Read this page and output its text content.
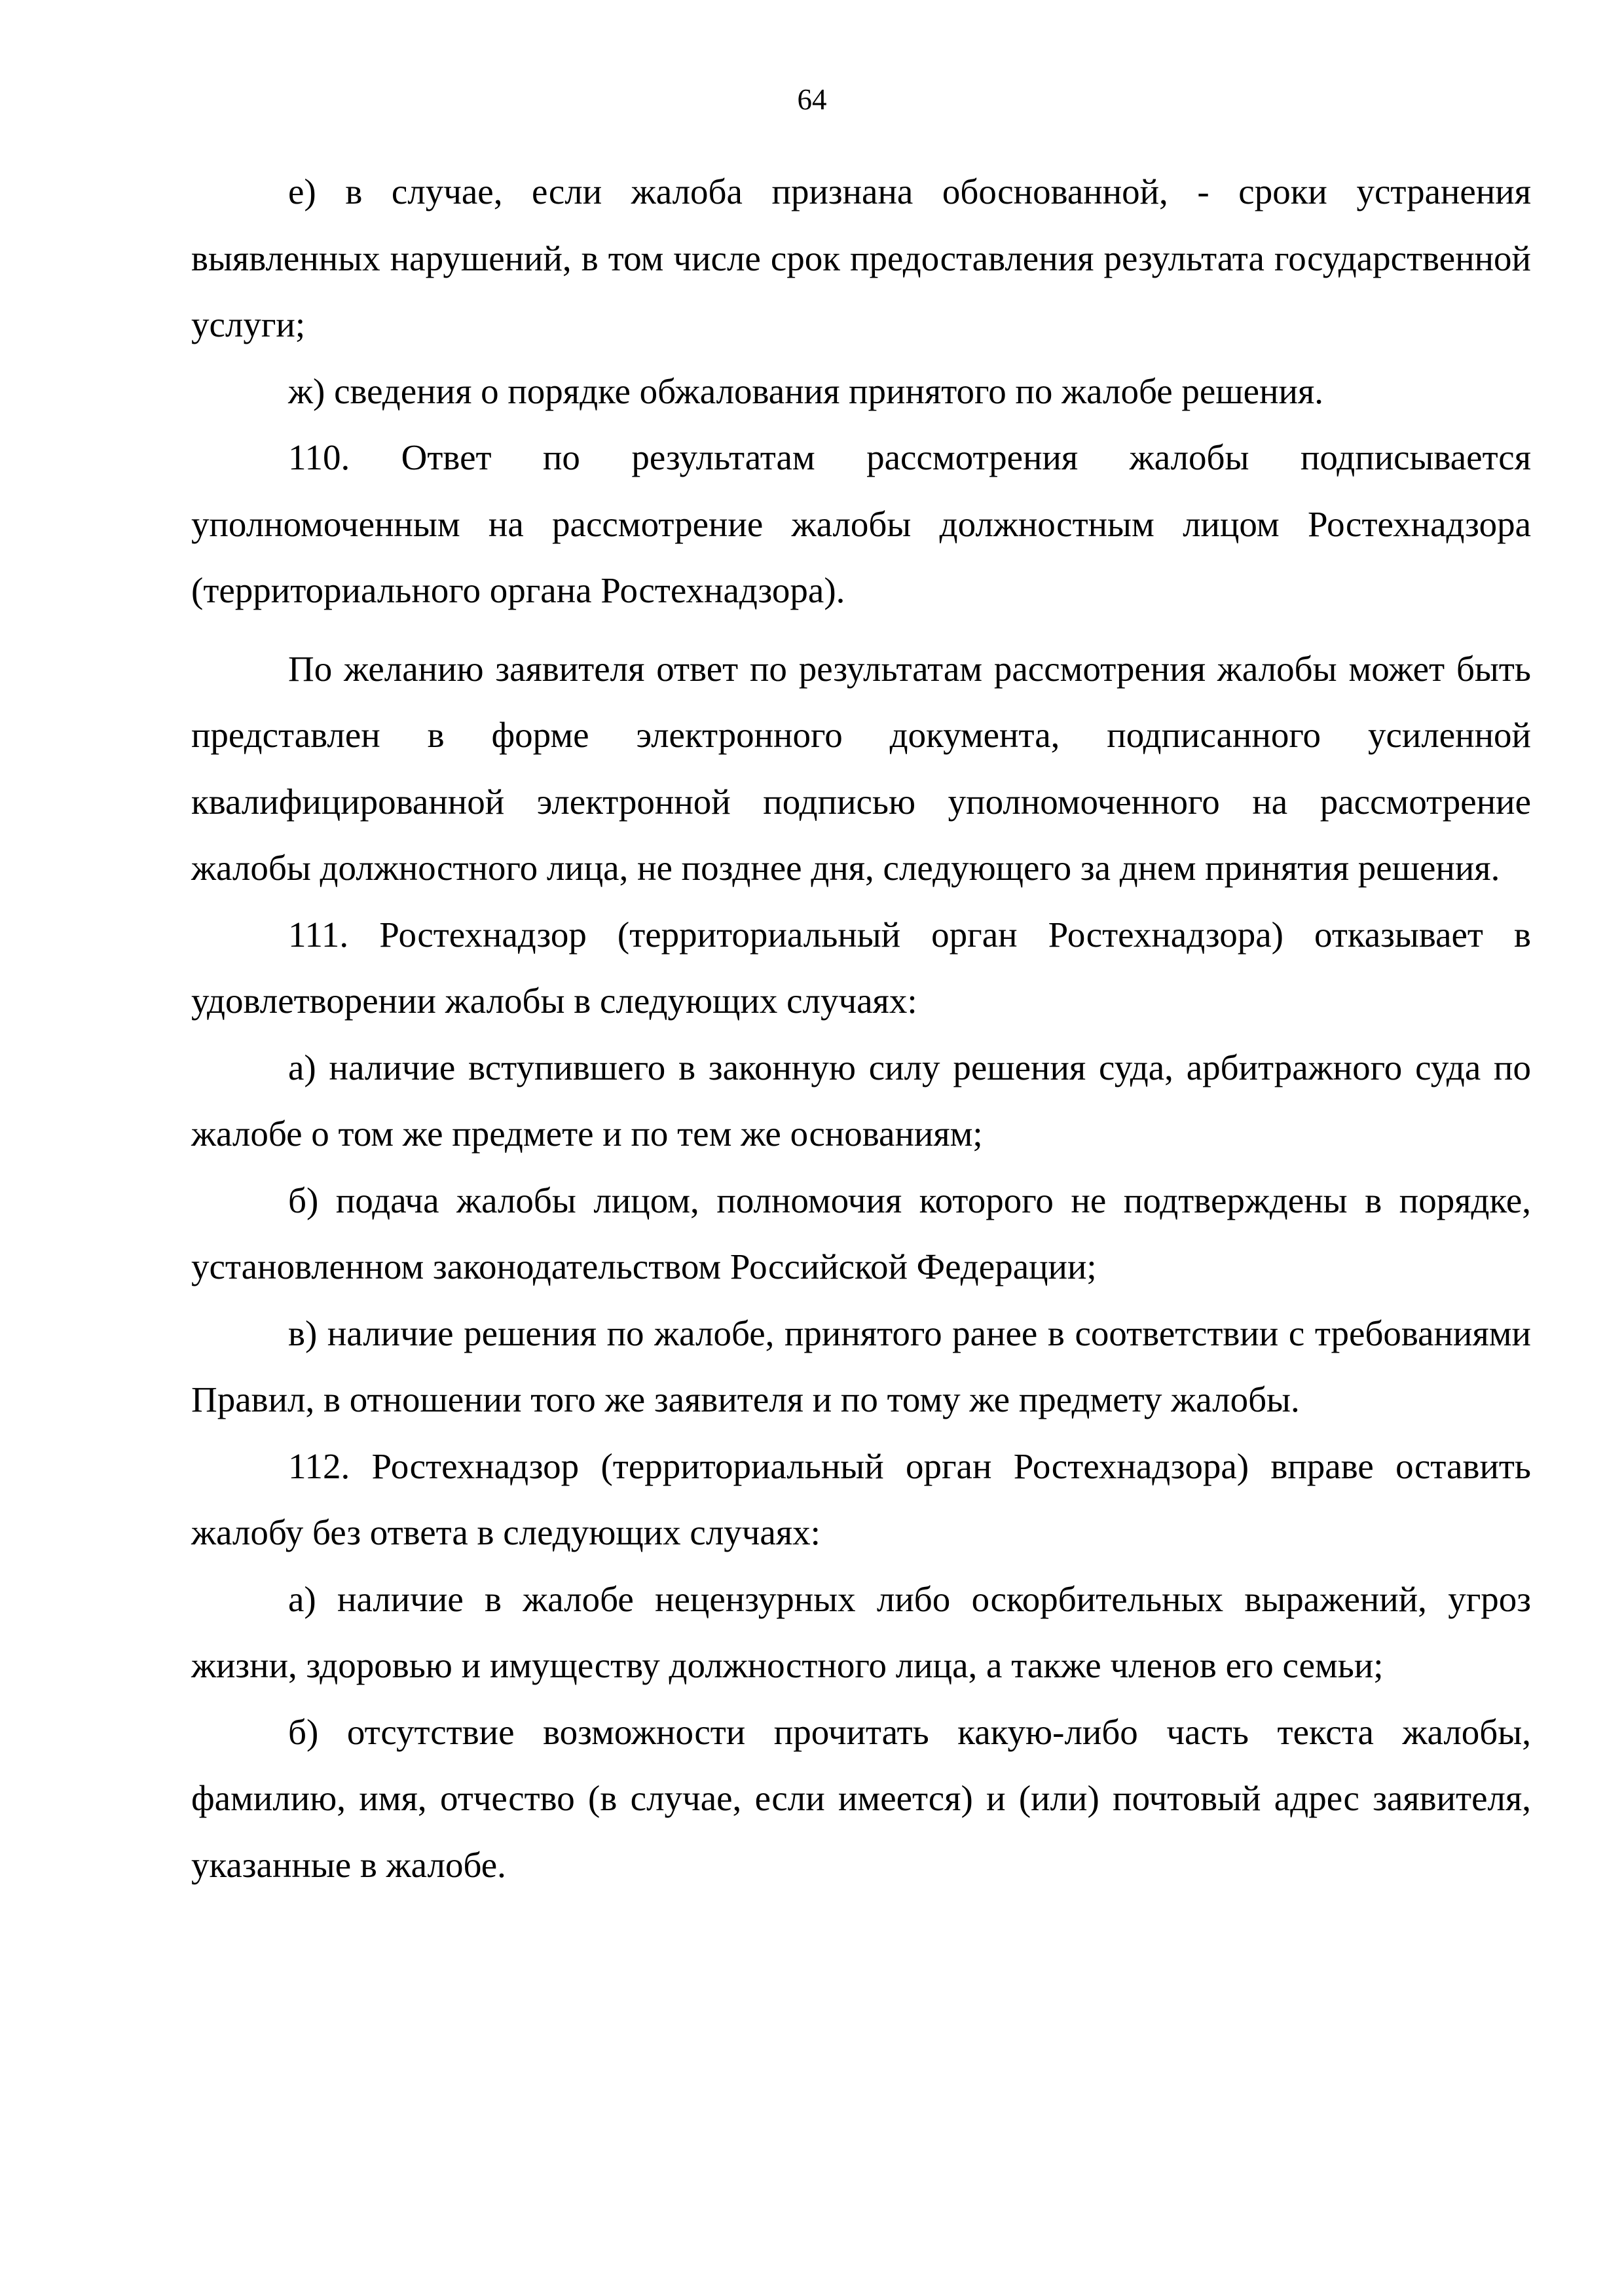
64

е) в случае, если жалоба признана обоснованной, - сроки устранения выявленных нарушений, в том числе срок предоставления результата государственной услуги;

ж) сведения о порядке обжалования принятого по жалобе решения.

110. Ответ по результатам рассмотрения жалобы подписывается уполномоченным на рассмотрение жалобы должностным лицом Ростехнадзора (территориального органа Ростехнадзора).

По желанию заявителя ответ по результатам рассмотрения жалобы может быть представлен в форме электронного документа, подписанного усиленной квалифицированной электронной подписью уполномоченного на рассмотрение жалобы должностного лица, не позднее дня, следующего за днем принятия решения.

111. Ростехнадзор (территориальный орган Ростехнадзора) отказывает в удовлетворении жалобы в следующих случаях:

а) наличие вступившего в законную силу решения суда, арбитражного суда по жалобе о том же предмете и по тем же основаниям;

б) подача жалобы лицом, полномочия которого не подтверждены в порядке, установленном законодательством Российской Федерации;

в) наличие решения по жалобе, принятого ранее в соответствии с требованиями Правил, в отношении того же заявителя и по тому же предмету жалобы.

112. Ростехнадзор (территориальный орган Ростехнадзора) вправе оставить жалобу без ответа в следующих случаях:

а) наличие в жалобе нецензурных либо оскорбительных выражений, угроз жизни, здоровью и имуществу должностного лица, а также членов его семьи;

б) отсутствие возможности прочитать какую-либо часть текста жалобы, фамилию, имя, отчество (в случае, если имеется) и (или) почтовый адрес заявителя, указанные в жалобе.
